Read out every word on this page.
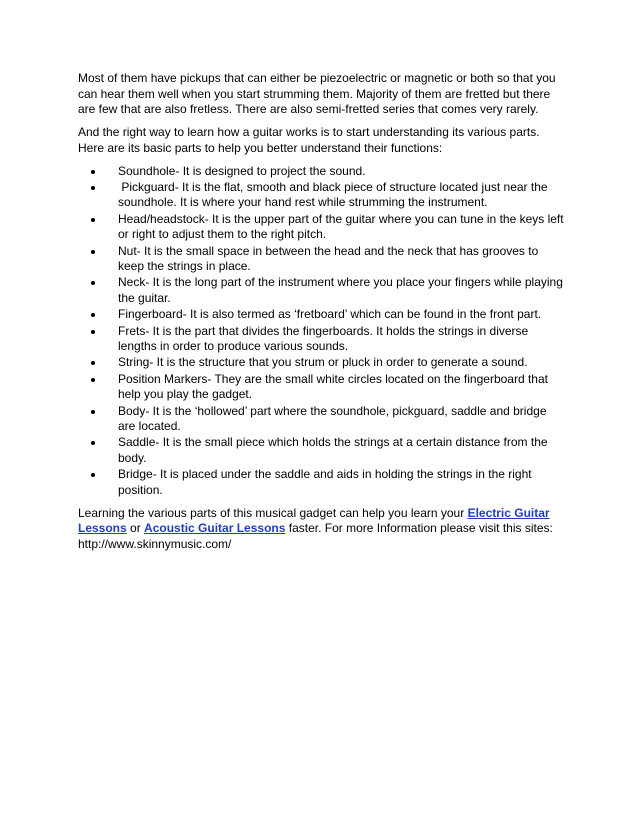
Most of them have pickups that can either be piezoelectric or magnetic or both so that you can hear them well when you start strumming them. Majority of them are fretted but there are few that are also fretless. There are also semi-fretted series that comes very rarely.

And the right way to learn how a guitar works is to start understanding its various parts. Here are its basic parts to help you better understand their functions:

Soundhole- It is designed to project the sound.
Pickguard- It is the flat, smooth and black piece of structure located just near the soundhole. It is where your hand rest while strumming the instrument.
Head/headstock- It is the upper part of the guitar where you can tune in the keys left or right to adjust them to the right pitch.
Nut- It is the small space in between the head and the neck that has grooves to keep the strings in place.
Neck- It is the long part of the instrument where you place your fingers while playing the guitar.
Fingerboard- It is also termed as ‘fretboard’ which can be found in the front part.
Frets- It is the part that divides the fingerboards. It holds the strings in diverse lengths in order to produce various sounds.
String- It is the structure that you strum or pluck in order to generate a sound.
Position Markers- They are the small white circles located on the fingerboard that help you play the gadget.
Body- It is the ‘hollowed’ part where the soundhole, pickguard, saddle and bridge are located.
Saddle- It is the small piece which holds the strings at a certain distance from the body.
Bridge- It is placed under the saddle and aids in holding the strings in the right position.

Learning the various parts of this musical gadget can help you learn your Electric Guitar Lessons or Acoustic Guitar Lessons faster. For more Information please visit this sites: http://www.skinnymusic.com/
